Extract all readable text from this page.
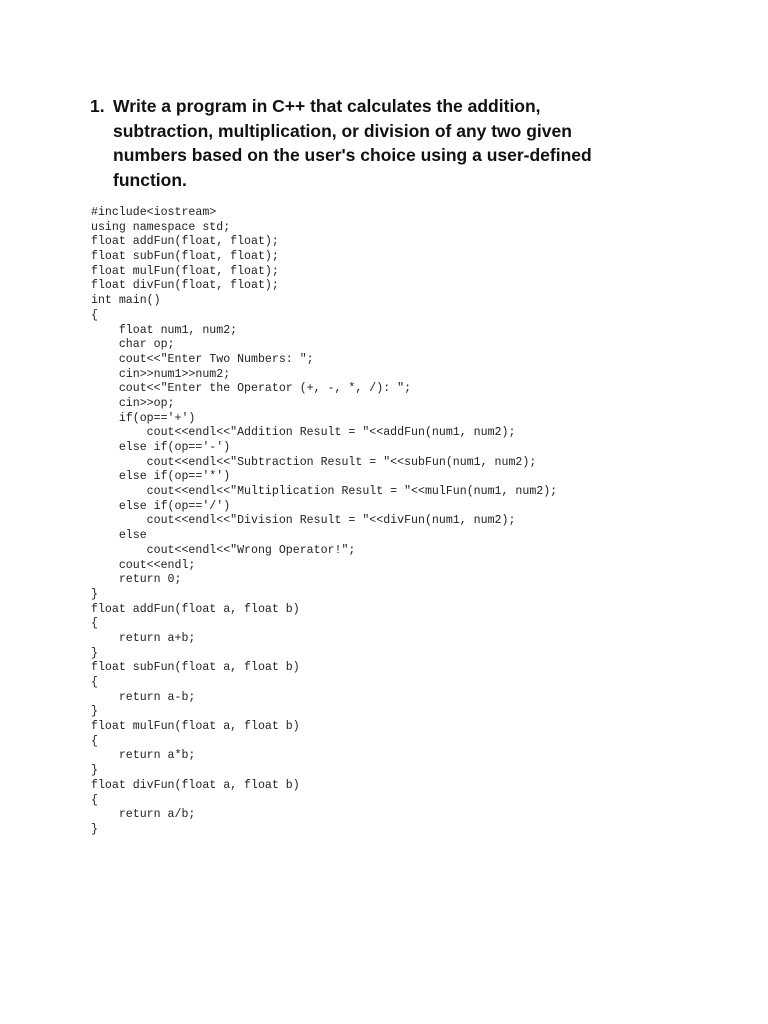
1. Write a program in C++ that calculates the addition,
subtraction, multiplication, or division of any two given
numbers based on the user's choice using a user-defined
function.
#include<iostream>
using namespace std;
float addFun(float, float);
float subFun(float, float);
float mulFun(float, float);
float divFun(float, float);
int main()
{
float num1, num2;
char op;
cout<<"Enter Two Numbers: ";
cin>>num1>>num2;
cout<<"Enter the Operator (+, -, *, /): ";
cin>>op;
if(op=='+')
cout<<endl<<"Addition Result = "<<addFun(num1, num2);
else if(op=='-')
cout<<endl<<"Subtraction Result = "<<subFun(num1, num2);
else if(op=='*')
cout<<endl<<"Multiplication Result = "<<mulFun(num1, num2);
else if(op=='/')
cout<<endl<<"Division Result = "<<divFun(num1, num2);
else
cout<<endl<<"Wrong Operator!";
cout<<endl;
return 0;
}
float addFun(float a, float b)
{
return a+b;
}
float subFun(float a, float b)
{
return a-b;
}
float mulFun(float a, float b)
{
return a*b;
}
float divFun(float a, float b)
{
return a/b;
}
